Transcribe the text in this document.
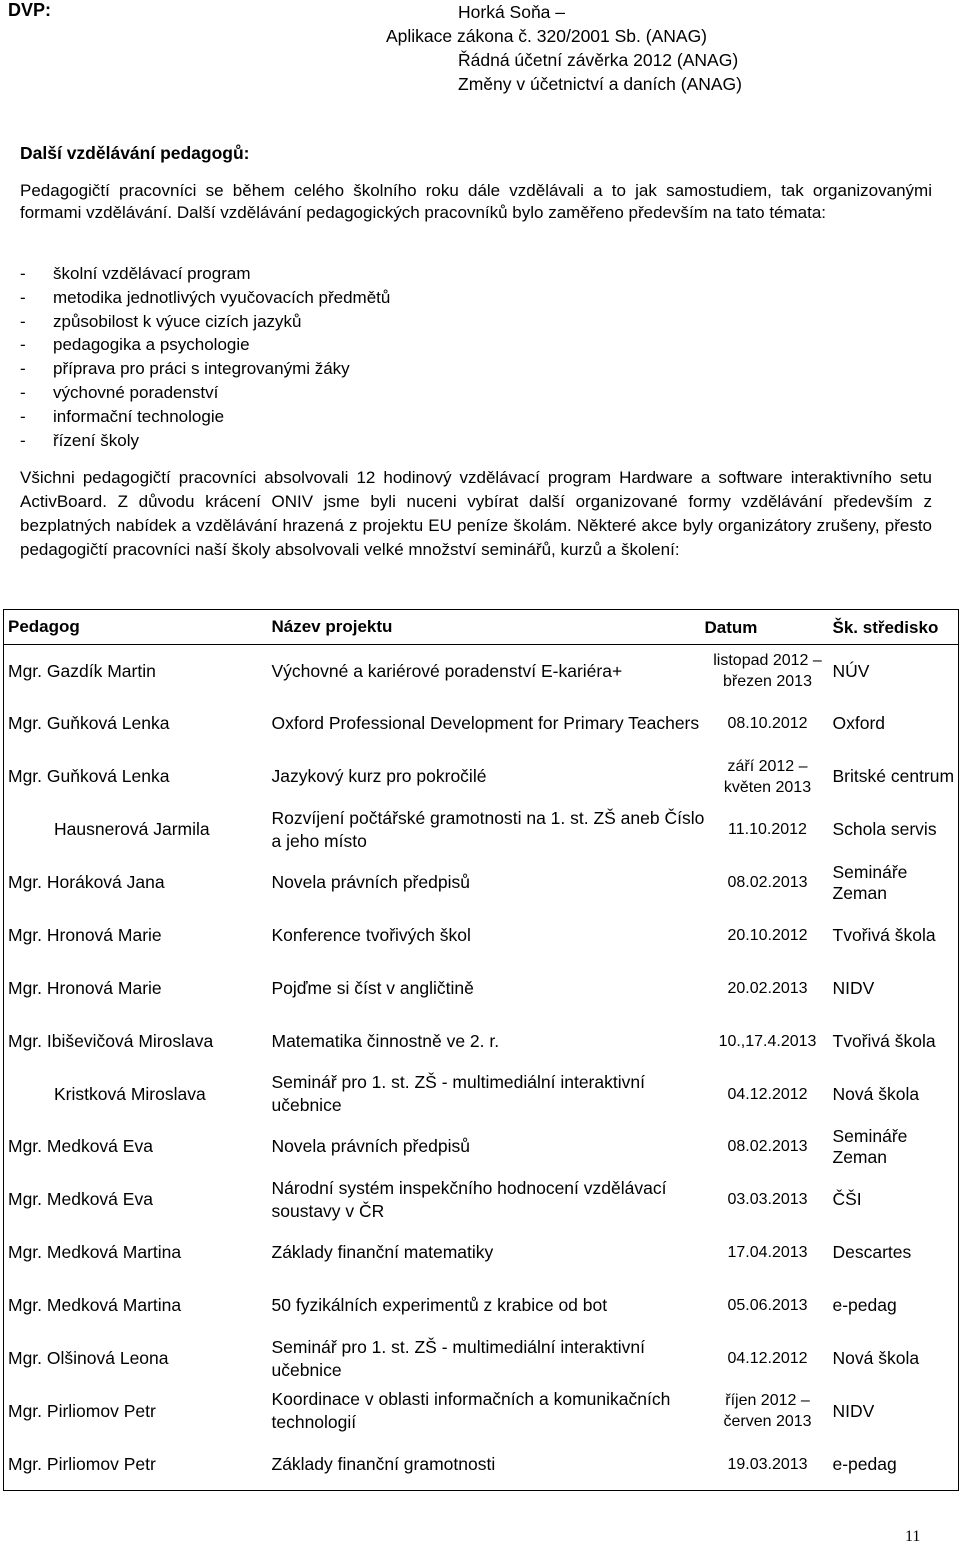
DVP:	Horká Soňa –
Aplikace zákona č. 320/2001 Sb. (ANAG)
Řádná účetní závěrka 2012 (ANAG)
Změny v účetnictví a daních (ANAG)
Další vzdělávání pedagogů:
Pedagogičtí pracovníci se během celého školního roku dále vzdělávali a to jak samostudiem, tak organizovanými formami vzdělávání. Další vzdělávání pedagogických pracovníků bylo zaměřeno především na tato témata:
- školní vzdělávací program
- metodika jednotlivých vyučovacích předmětů
- způsobilost k výuce cizích jazyků
- pedagogika a psychologie
- příprava pro práci s integrovanými žáky
- výchovné poradenství
- informační technologie
- řízení školy
Všichni pedagogičtí pracovníci absolvovali 12 hodinový vzdělávací program Hardware a software interaktivního setu ActivBoard. Z důvodu krácení ONIV jsme byli nuceni vybírat další organizované formy vzdělávání především z bezplatných nabídek a vzdělávání hrazená z projektu EU peníze školám. Některé akce byly organizátory zrušeny, přesto pedagogičtí pracovníci naší školy absolvovali velké množství seminářů, kurzů a školení:
Pedagog	Název projektu	Datum	Šk. středisko
Mgr. Gazdík Martin	Výchovné a kariérové poradenství E-kariéra+	listopad 2012 – březen 2013	NÚV
Mgr. Guňková Lenka	Oxford Professional Development for Primary Teachers	08.10.2012	Oxford
Mgr. Guňková Lenka	Jazykový kurz pro pokročilé	září 2012 – květen 2013	Britské centrum
Hausnerová Jarmila	Rozvíjení počtářské gramotnosti na 1. st. ZŠ aneb Číslo a jeho místo	11.10.2012	Schola servis
Mgr. Horáková Jana	Novela právních předpisů	08.02.2013	Semináře Zeman
Mgr. Hronová Marie	Konference tvořivých škol	20.10.2012	Tvořivá škola
Mgr. Hronová Marie	Pojďme si číst v angličtině	20.02.2013	NIDV
Mgr. Ibiševičová Miroslava	Matematika činnostně ve 2. r.	10.,17.4.2013	Tvořivá škola
Kristková Miroslava	Seminář pro 1. st. ZŠ - multimediální interaktivní učebnice	04.12.2012	Nová škola
Mgr. Medková Eva	Novela právních předpisů	08.02.2013	Semináře Zeman
Mgr. Medková Eva	Národní systém inspekčního hodnocení vzdělávací soustavy v ČR	03.03.2013	ČŠI
Mgr. Medková Martina	Základy finanční matematiky	17.04.2013	Descartes
Mgr. Medková Martina	50 fyzikálních experimentů z krabice od bot	05.06.2013	e-pedag
Mgr. Olšinová Leona	Seminář pro 1. st. ZŠ - multimediální interaktivní učebnice	04.12.2012	Nová škola
Mgr. Pirliomov Petr	Koordinace v oblasti informačních a komunikačních technologií	říjen 2012 – červen 2013	NIDV
Mgr. Pirliomov Petr	Základy finanční gramotnosti	19.03.2013	e-pedag
11
